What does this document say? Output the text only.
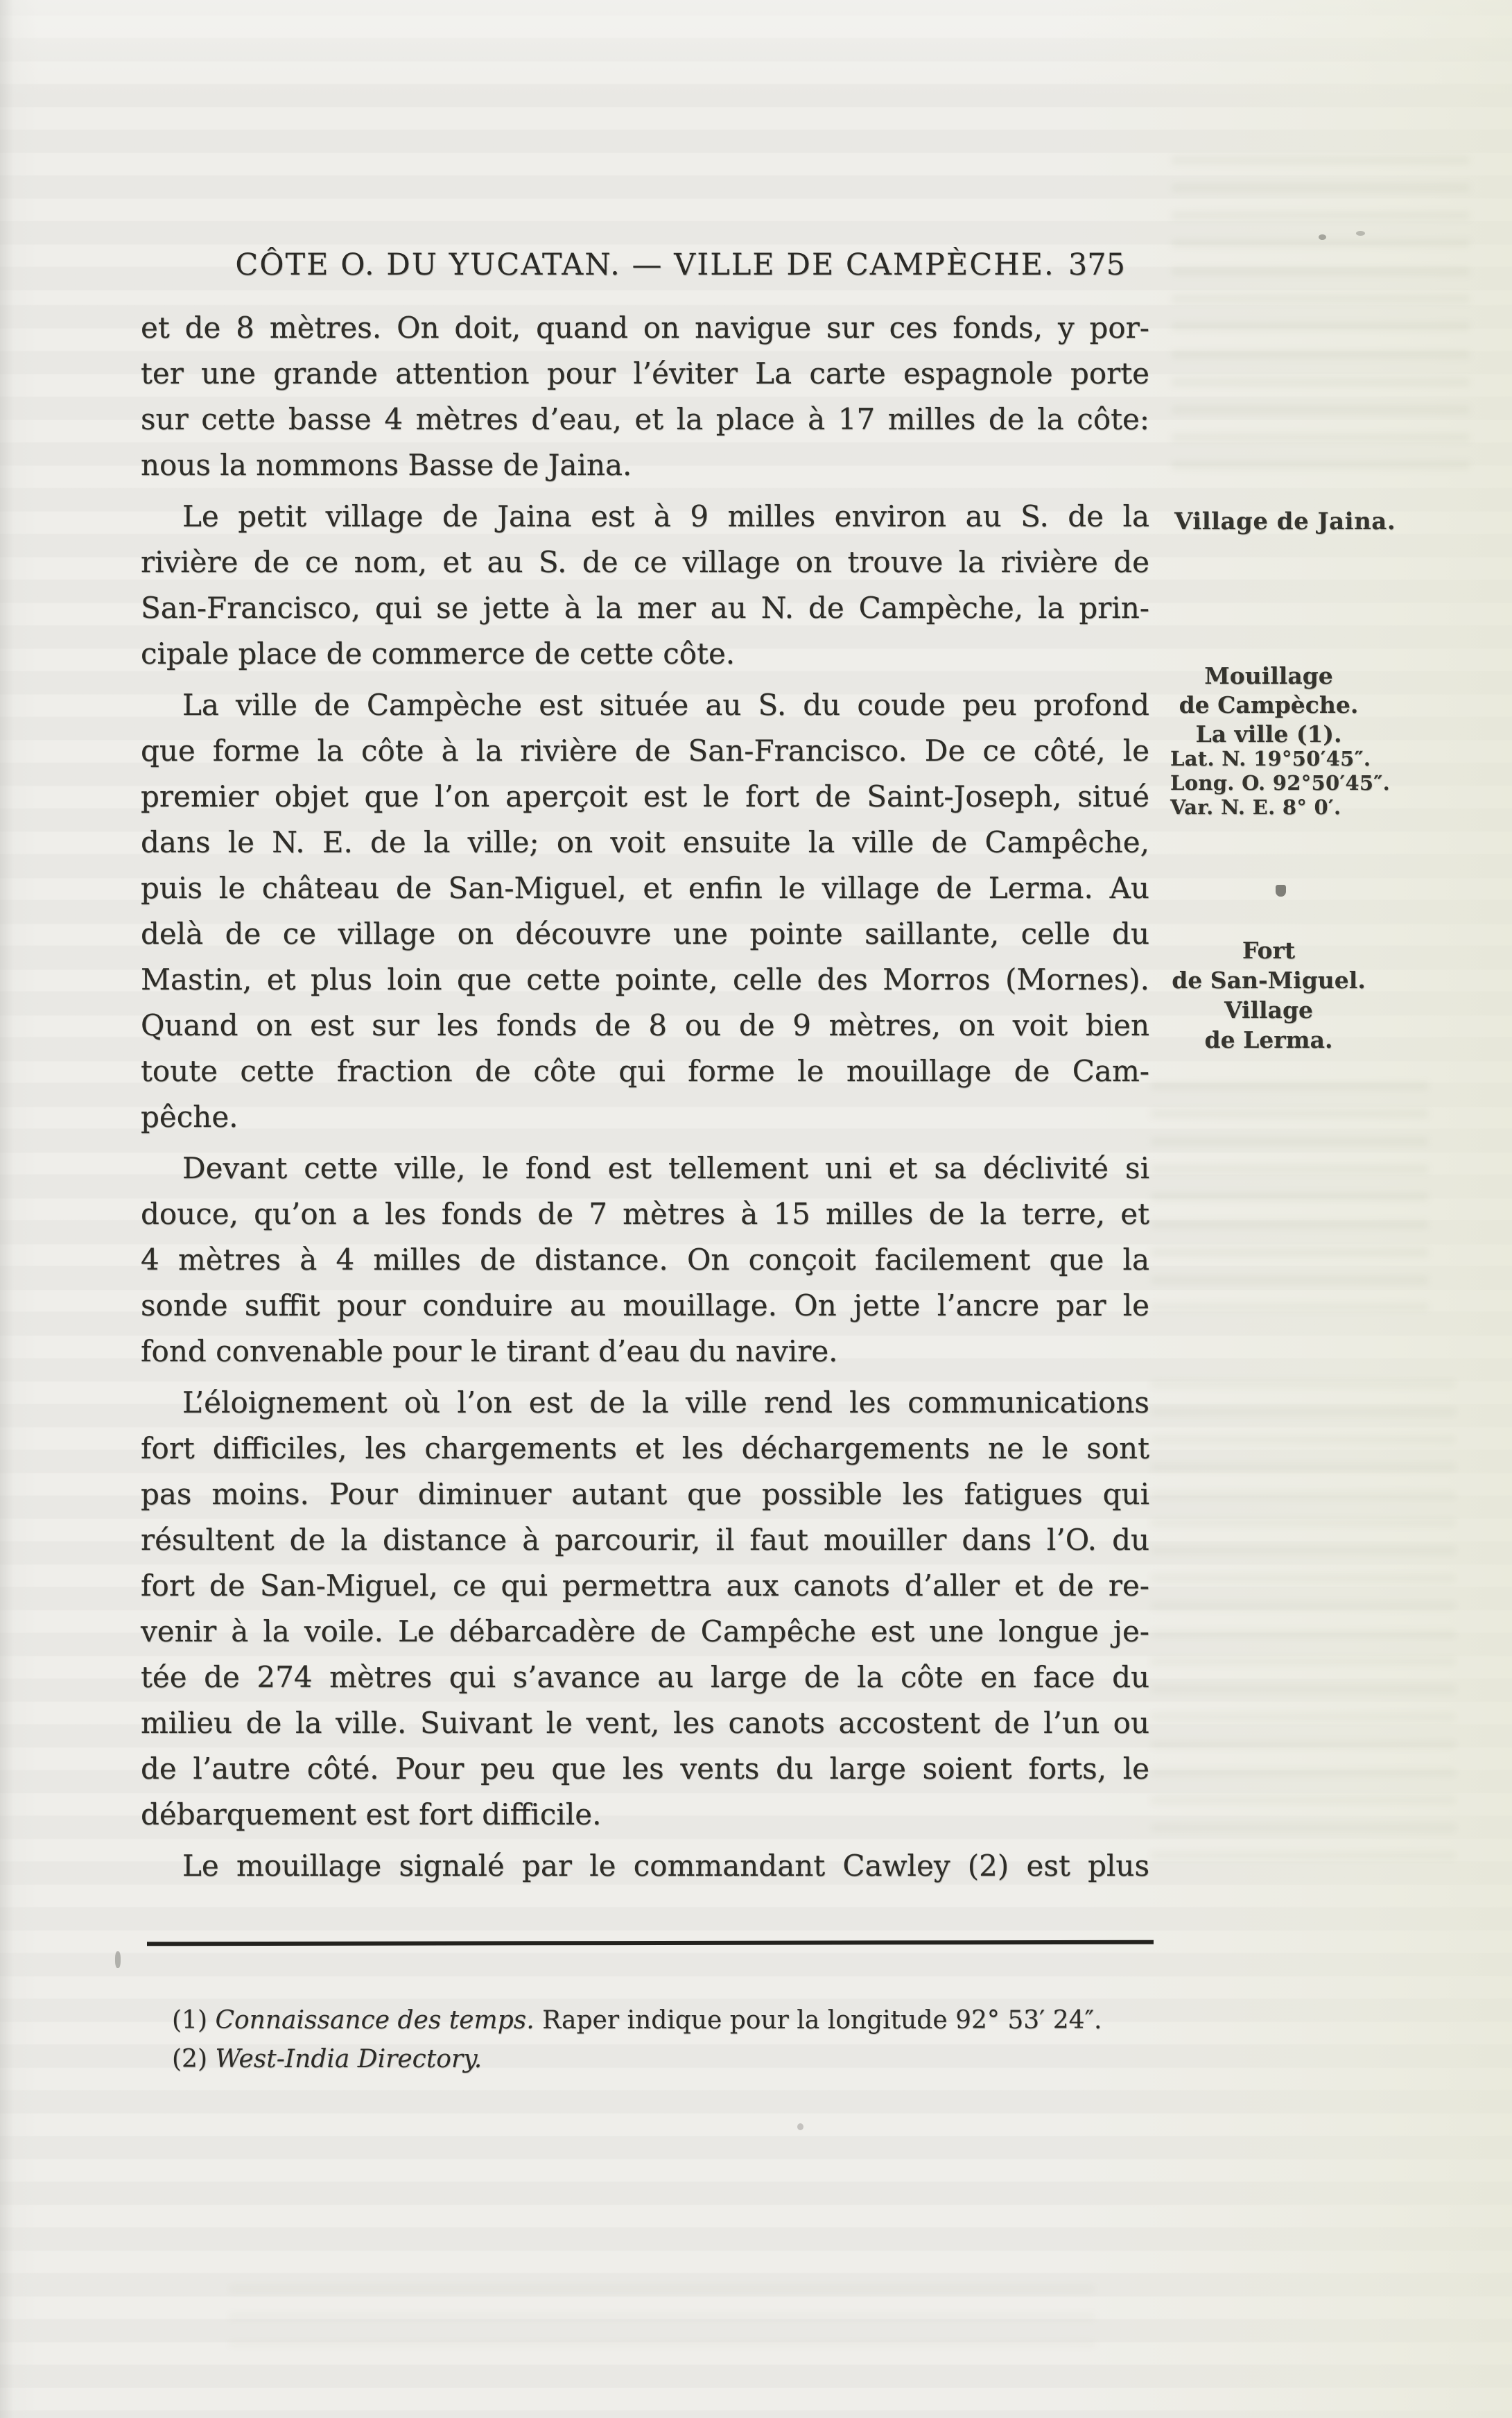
CÔTE O. DU YUCATAN. — VILLE DE CAMPÈCHE. 375

et de 8 mètres. On doit, quand on navigue sur ces fonds, y por-
ter une grande attention pour l’éviter La carte espagnole porte
sur cette basse 4 mètres d’eau, et la place à 17 milles de la côte:
nous la nommons Basse de Jaina.

Le petit village de Jaina est à 9 milles environ au S. de la
rivière de ce nom, et au S. de ce village on trouve la rivière de
San-Francisco, qui se jette à la mer au N. de Campèche, la prin-
cipale place de commerce de cette côte.

La ville de Campèche est située au S. du coude peu profond
que forme la côte à la rivière de San-Francisco. De ce côté, le
premier objet que l’on aperçoit est le fort de Saint-Joseph, situé
dans le N. E. de la ville; on voit ensuite la ville de Campêche,
puis le château de San-Miguel, et enfin le village de Lerma. Au
delà de ce village on découvre une pointe saillante, celle du
Mastin, et plus loin que cette pointe, celle des Morros (Mornes).
Quand on est sur les fonds de 8 ou de 9 mètres, on voit bien
toute cette fraction de côte qui forme le mouillage de Cam-
pêche.

Devant cette ville, le fond est tellement uni et sa déclivité si
douce, qu’on a les fonds de 7 mètres à 15 milles de la terre, et
4 mètres à 4 milles de distance. On conçoit facilement que la
sonde suffit pour conduire au mouillage. On jette l’ancre par le
fond convenable pour le tirant d’eau du navire.

L’éloignement où l’on est de la ville rend les communications
fort difficiles, les chargements et les déchargements ne le sont
pas moins. Pour diminuer autant que possible les fatigues qui
résultent de la distance à parcourir, il faut mouiller dans l’O. du
fort de San-Miguel, ce qui permettra aux canots d’aller et de re-
venir à la voile. Le débarcadère de Campêche est une longue je-
tée de 274 mètres qui s’avance au large de la côte en face du
milieu de la ville. Suivant le vent, les canots accostent de l’un ou
de l’autre côté. Pour peu que les vents du large soient forts, le
débarquement est fort difficile.

Le mouillage signalé par le commandant Cawley (2) est plus

Village de Jaina.
Mouillage
de Campèche.
La ville (1).
Lat. N. 19°50′45″.
Long. O. 92°50′45″.
Var. N. E. 8° 0′.
Fort
de San-Miguel.
Village
de Lerma.

(1) Connaissance des temps. Raper indique pour la longitude 92° 53′ 24″.

(2) West-India Directory.
